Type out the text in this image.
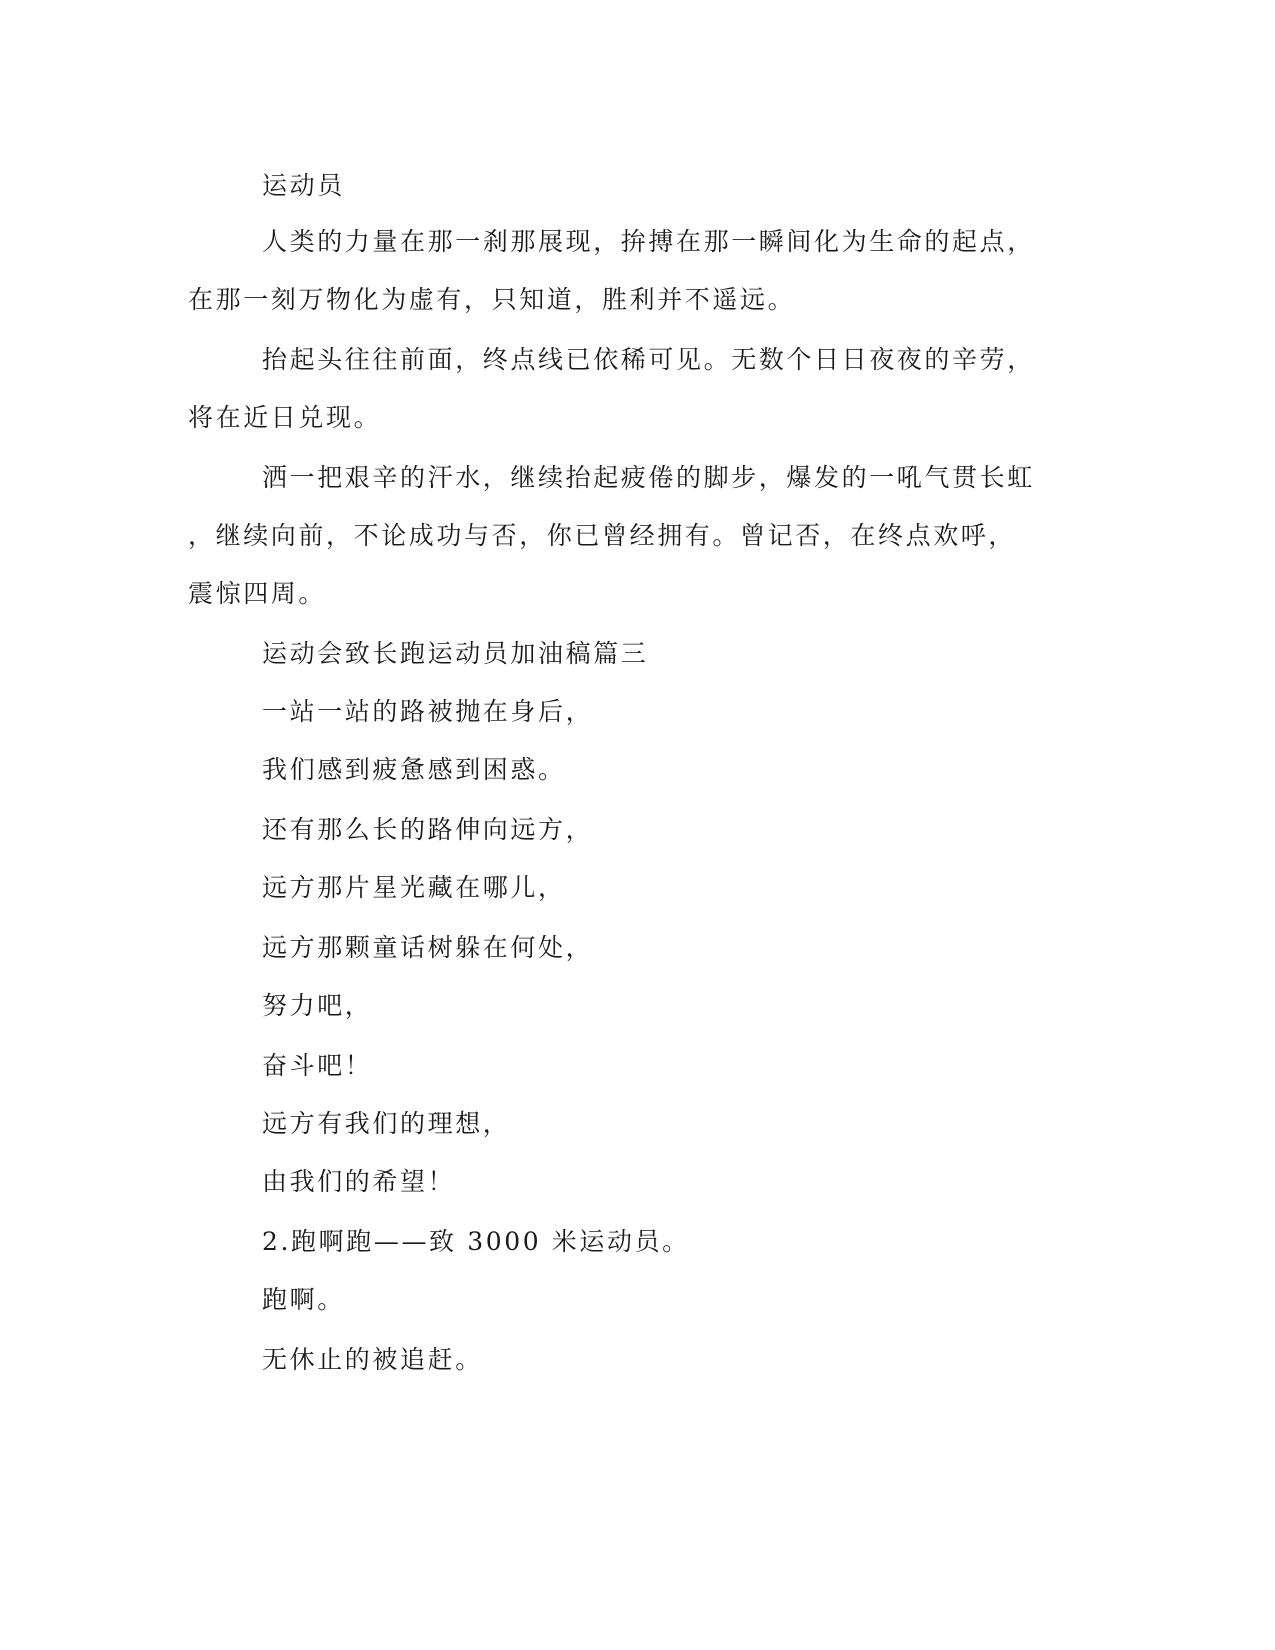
运动员
人类的力量在那一刹那展现，拚搏在那一瞬间化为生命的起点，
在那一刻万物化为虚有，只知道，胜利并不遥远。
抬起头往往前面，终点线已依稀可见。无数个日日夜夜的辛劳，
将在近日兑现。
洒一把艰辛的汗水，继续抬起疲倦的脚步，爆发的一吼气贯长虹
，继续向前，不论成功与否，你已曾经拥有。曾记否，在终点欢呼，
震惊四周。
运动会致长跑运动员加油稿篇三
一站一站的路被抛在身后，
我们感到疲惫感到困惑。
还有那么长的路伸向远方，
远方那片星光藏在哪儿，
远方那颗童话树躲在何处，
努力吧，
奋斗吧！
远方有我们的理想，
由我们的希望！
2.跑啊跑——致 3000 米运动员。
跑啊。
无休止的被追赶。
